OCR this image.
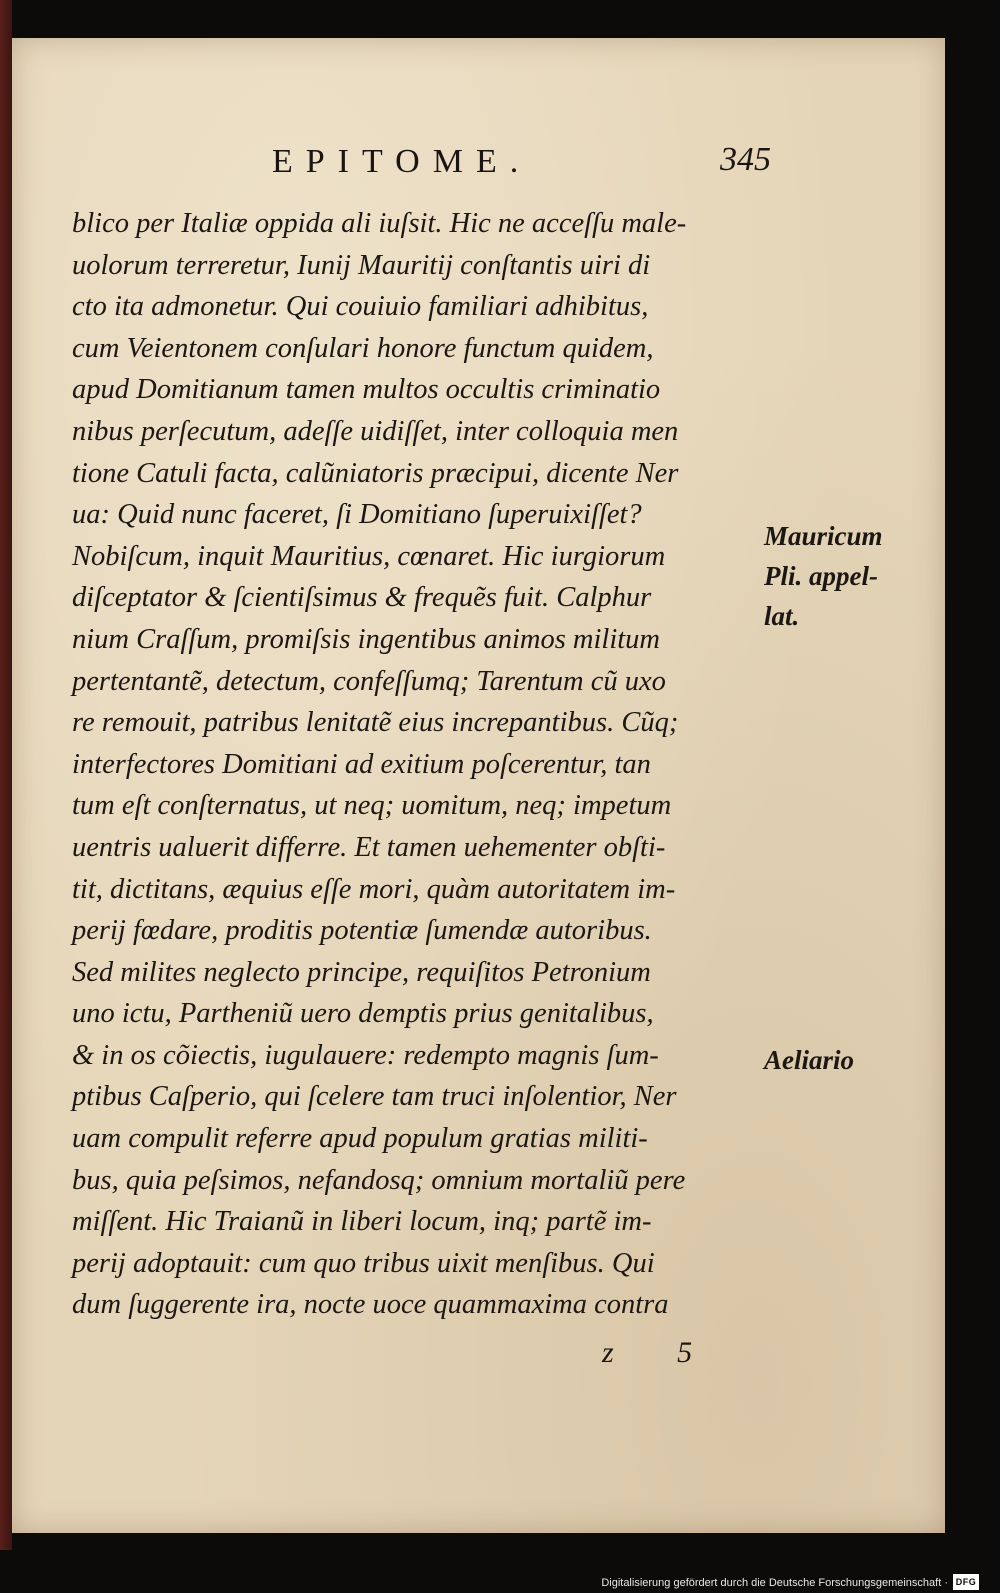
EPITOME.	345
blico per Italiæ oppida ali iuſsit. Hic ne acceſſu male-
uolorum terreretur, Iunij Mauritij conſtantis uiri di
cto ita admonetur. Qui couiuio familiari adhibitus,
cum Veientonem conſulari honore functum quidem,
apud Domitianum tamen multos occultis criminatio
nibus perſecutum, adeſſe uidiſſet, inter colloquia men
tione Catuli facta, calũniatoris præcipui, dicente Ner
ua: Quid nunc faceret, ſi Domitiano ſuperuixiſſet?
Nobiſcum, inquit Mauritius, cœnaret. Hic iurgiorum
diſceptator & ſcientiſsimus & frequẽs fuit. Calphur
nium Craſſum, promiſsis ingentibus animos militum
pertentantẽ, detectum, confeſſumq; Tarentum cũ uxo
re remouit, patribus lenitatẽ eius increpantibus. Cũq;
interfectores Domitiani ad exitium poſcerentur, tan
tum eſt conſternatus, ut neq; uomitum, neq; impetum
uentris ualuerit differre. Et tamen uehementer obſti-
tit, dictitans, æquius eſſe mori, quàm autoritatem im-
perij fœdare, proditis potentiæ ſumendæ autoribus.
Sed milites neglecto principe, requiſitos Petronium
uno ictu, Partheniũ uero demptis prius genitalibus,
& in os cõiectis, iugulauere: redempto magnis ſum-
ptibus Caſperio, qui ſcelere tam truci inſolentior, Ner
uam compulit referre apud populum gratias militi-
bus, quia peſsimos, nefandosq; omnium mortaliũ pere
miſſent. Hic Traianũ in liberi locum, inq; partẽ im-
perij adoptauit: cum quo tribus uixit menſibus. Qui
dum ſuggerente ira, nocte uoce quammaxima contra
Mauricum
Pli. appel-
lat.
Aeliario
z 5
Digitalisierung gefördert durch die Deutsche Forschungsgemeinschaft · DFG
